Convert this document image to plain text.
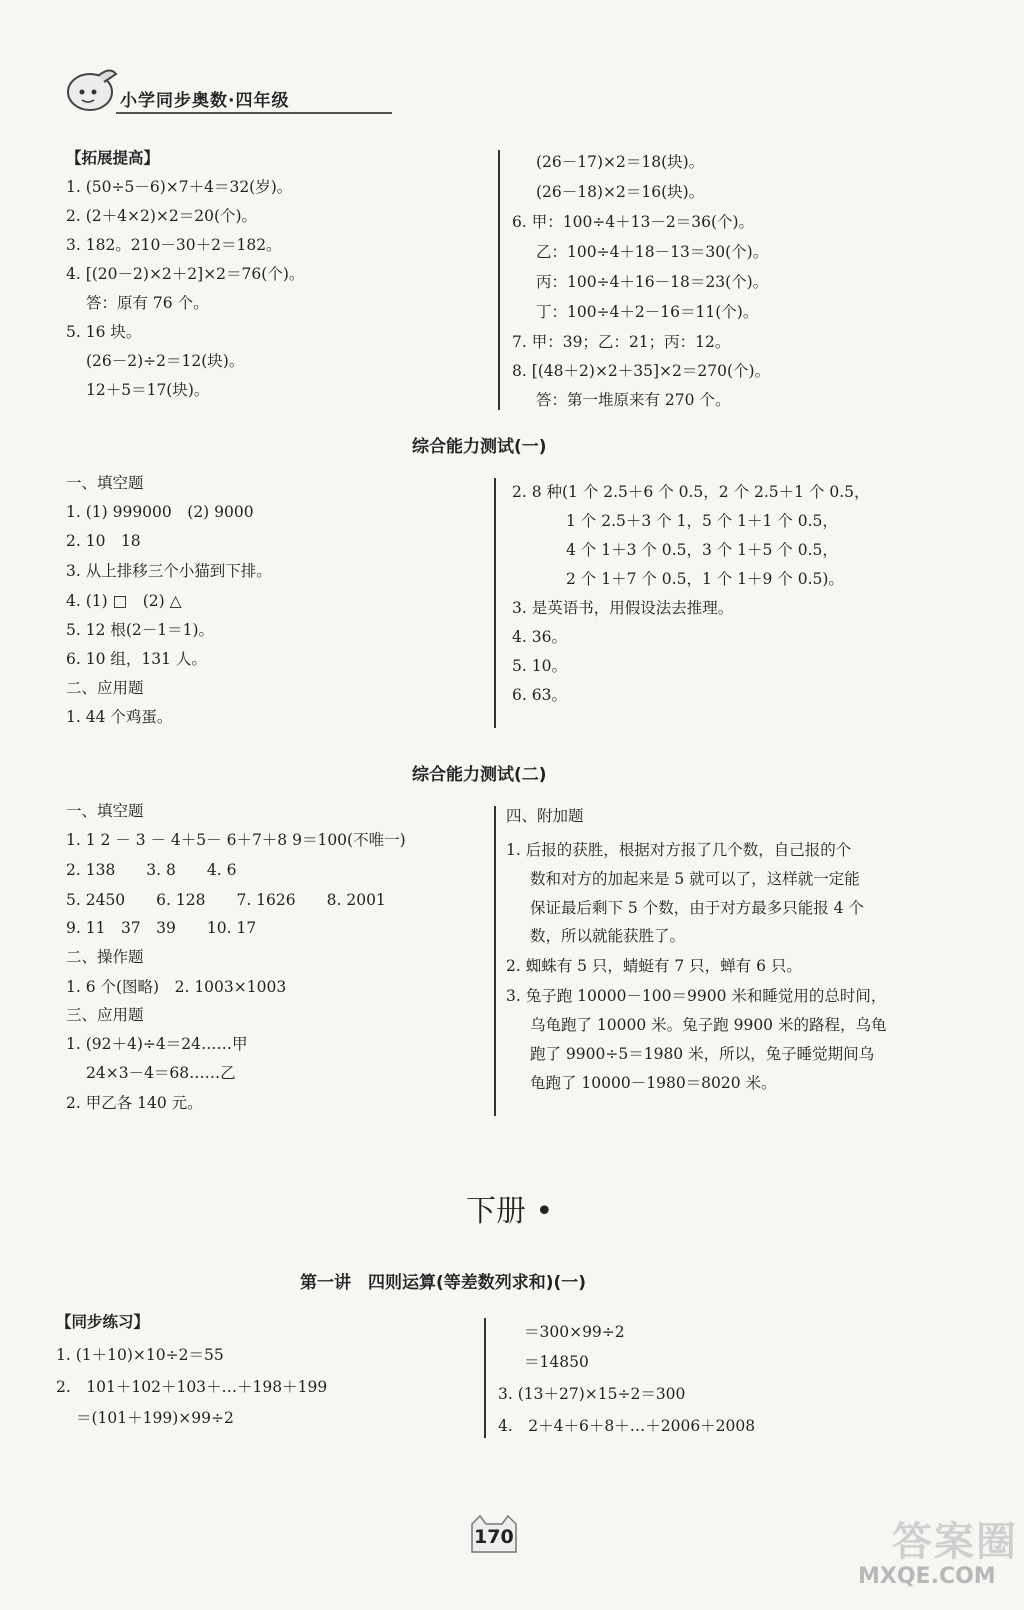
小学同步奥数·四年级
【拓展提高】
1. (50÷5－6)×7＋4＝32(岁)。
2. (2＋4×2)×2＝20(个)。
3. 182。210－30＋2＝182。
4. [(20－2)×2＋2]×2＝76(个)。
答：原有 76 个。
5. 16 块。
(26－2)÷2＝12(块)。
12＋5＝17(块)。
(26－17)×2＝18(块)。
(26－18)×2＝16(块)。
6. 甲：100÷4＋13－2＝36(个)。
乙：100÷4＋18－13＝30(个)。
丙：100÷4＋16－18＝23(个)。
丁：100÷4＋2－16＝11(个)。
7. 甲：39；乙：21；丙：12。
8. [(48＋2)×2＋35]×2＝270(个)。
答：第一堆原来有 270 个。
综合能力测试(一)
一、填空题
1. (1) 999000　(2) 9000
2. 10　18
3. 从上排移三个小猫到下排。
4. (1) □　(2) △
5. 12 根(2－1＝1)。
6. 10 组，131 人。
二、应用题
1. 44 个鸡蛋。
2. 8 种(1 个 2.5＋6 个 0.5，2 个 2.5＋1 个 0.5，
1 个 2.5＋3 个 1，5 个 1＋1 个 0.5，
4 个 1＋3 个 0.5，3 个 1＋5 个 0.5，
2 个 1＋7 个 0.5，1 个 1＋9 个 0.5)。
3. 是英语书，用假设法去推理。
4. 36。
5. 10。
6. 63。
综合能力测试(二)
一、填空题
1. 1 2 － 3 － 4＋5－ 6＋7＋8 9＝100(不唯一)
2. 138　　3. 8　　4. 6
5. 2450　　6. 128　　7. 1626　　8. 2001
9. 11　37　39　　10. 17
二、操作题
1. 6 个(图略)　2. 1003×1003
三、应用题
1. (92＋4)÷4＝24……甲
24×3－4＝68……乙
2. 甲乙各 140 元。
四、附加题
1. 后报的获胜，根据对方报了几个数，自己报的个
数和对方的加起来是 5 就可以了，这样就一定能
保证最后剩下 5 个数，由于对方最多只能报 4 个
数，所以就能获胜了。
2. 蜘蛛有 5 只，蜻蜓有 7 只，蝉有 6 只。
3. 兔子跑 10000－100＝9900 米和睡觉用的总时间，
乌龟跑了 10000 米。兔子跑 9900 米的路程，乌龟
跑了 9900÷5＝1980 米，所以，兔子睡觉期间乌
龟跑了 10000－1980＝8020 米。
下册 •
第一讲　四则运算(等差数列求和)(一)
【同步练习】
1. (1＋10)×10÷2＝55
2.　101＋102＋103＋…＋198＋199
＝(101＋199)×99÷2
＝300×99÷2
＝14850
3. (13＋27)×15÷2＝300
4.　2＋4＋6＋8＋…＋2006＋2008
170	答案圈
MXQE.COM
